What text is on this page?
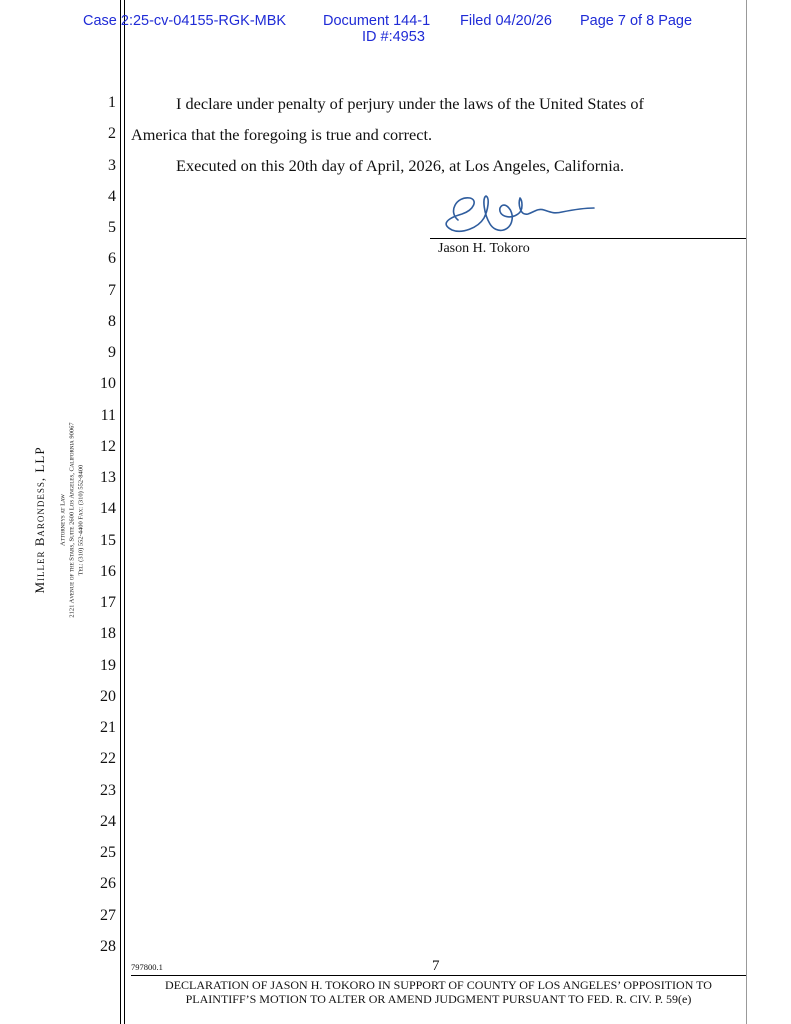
Case 2:25-cv-04155-RGK-MBK	Document 144-1 Filed 04/20/26 Page 7 of 8 Page
ID #:4953
1
2
3
4
5
6
7
8
9
10
11
12
13
14
15
16
17
18
19
20
21
22
23
24
25
26
27
28
Miller Barondess, LLP Attorneys at Law 2121 Avenue of the Stars, Suite 2600 Los Angeles, California 90067 Tel: (310) 552-4400 Fax: (310) 552-8400
I declare under penalty of perjury under the laws of the United States of
America that the foregoing is true and correct.
Executed on this 20th day of April, 2026, at Los Angeles, California.
Jason H. Tokoro
797800.1	7
DECLARATION OF JASON H. TOKORO IN SUPPORT OF COUNTY OF LOS ANGELES’ OPPOSITION TO
PLAINTIFF’S MOTION TO ALTER OR AMEND JUDGMENT PURSUANT TO FED. R. CIV. P. 59(e)
